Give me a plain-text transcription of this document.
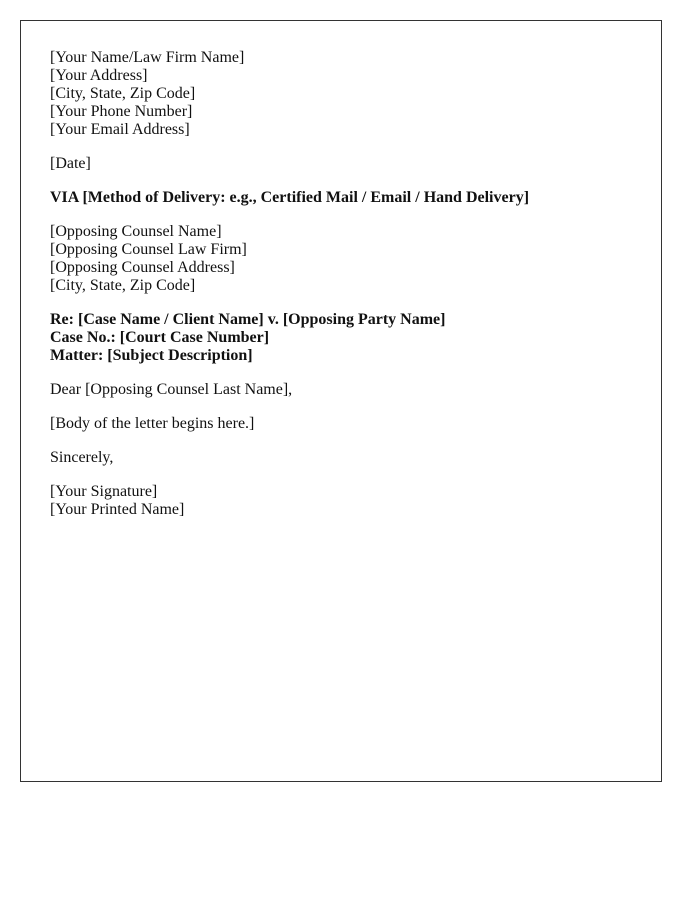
[Your Name/Law Firm Name]
[Your Address]
[City, State, Zip Code]
[Your Phone Number]
[Your Email Address]
[Date]
VIA [Method of Delivery: e.g., Certified Mail / Email / Hand Delivery]
[Opposing Counsel Name]
[Opposing Counsel Law Firm]
[Opposing Counsel Address]
[City, State, Zip Code]
Re: [Case Name / Client Name] v. [Opposing Party Name]
Case No.: [Court Case Number]
Matter: [Subject Description]
Dear [Opposing Counsel Last Name],
[Body of the letter begins here.]
Sincerely,
[Your Signature]
[Your Printed Name]
